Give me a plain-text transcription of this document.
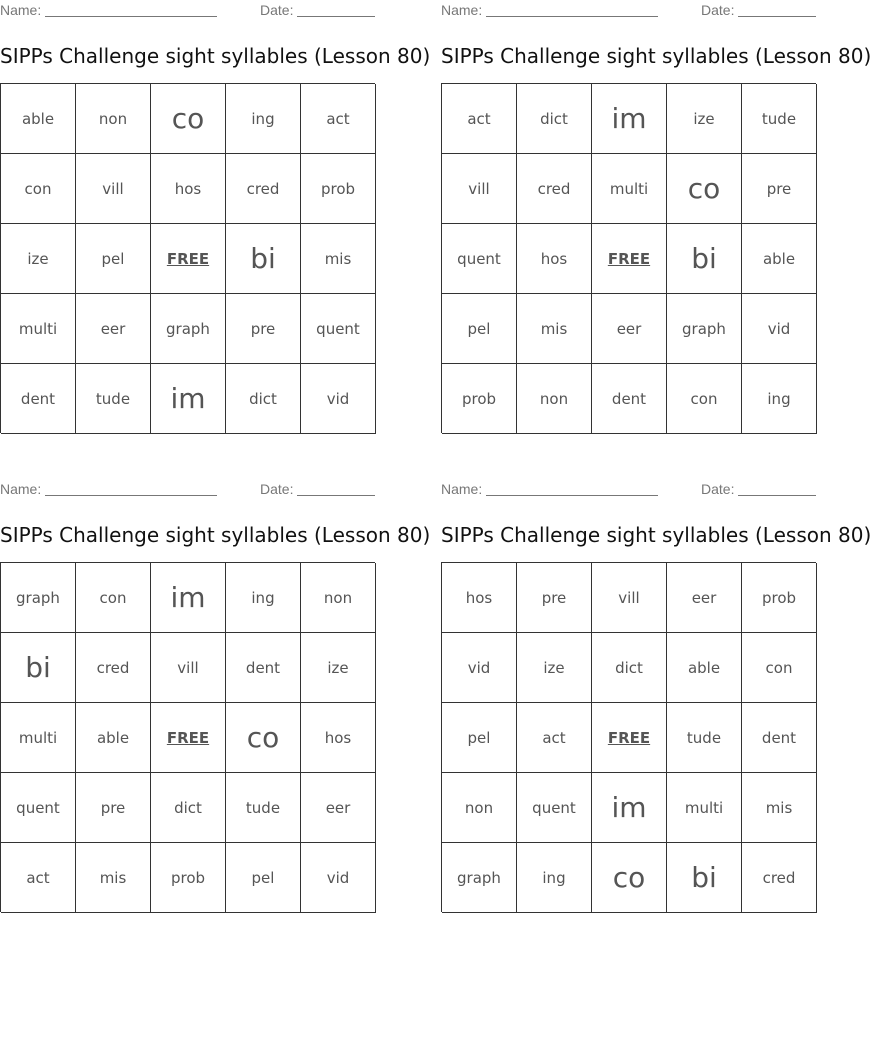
Name:	Date:
SIPPs Challenge sight syllables (Lesson 80)
able	non	co	ing	act
con	vill	hos	cred	prob
ize	pel	FREE	bi	mis
multi	eer	graph	pre	quent
dent	tude	im	dict	vid
Name:	Date:
SIPPs Challenge sight syllables (Lesson 80)
act	dict	im	ize	tude
vill	cred	multi	co	pre
quent	hos	FREE	bi	able
pel	mis	eer	graph	vid
prob	non	dent	con	ing
Name:	Date:
SIPPs Challenge sight syllables (Lesson 80)
graph	con	im	ing	non
bi	cred	vill	dent	ize
multi	able	FREE	co	hos
quent	pre	dict	tude	eer
act	mis	prob	pel	vid
Name:	Date:
SIPPs Challenge sight syllables (Lesson 80)
hos	pre	vill	eer	prob
vid	ize	dict	able	con
pel	act	FREE	tude	dent
non	quent	im	multi	mis
graph	ing	co	bi	cred
